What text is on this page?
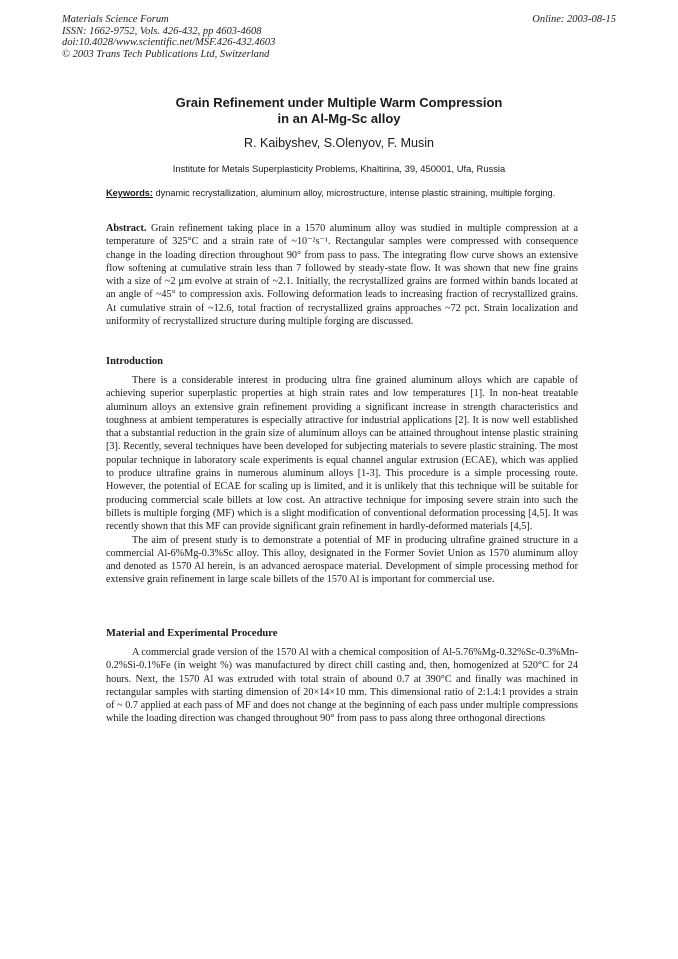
Materials Science Forum
ISSN: 1662-9752, Vols. 426-432, pp 4603-4608
doi:10.4028/www.scientific.net/MSF.426-432.4603
© 2003 Trans Tech Publications Ltd, Switzerland
Online: 2003-08-15
Grain Refinement under Multiple Warm Compression
in an Al-Mg-Sc alloy
R. Kaibyshev, S.Olenyov, F. Musin
Institute for Metals Superplasticity Problems, Khaltirina, 39, 450001, Ufa, Russia
Keywords: dynamic recrystallization, aluminum alloy, microstructure, intense plastic straining, multiple forging.

Abstract. Grain refinement taking place in a 1570 aluminum alloy was studied in multiple compression at a temperature of 325°C and a strain rate of ~10⁻²s⁻¹. Rectangular samples were compressed with consequence change in the loading direction throughout 90° from pass to pass. The integrating flow curve shows an extensive flow softening at cumulative strain less than 7 followed by steady-state flow. It was shown that new fine grains with a size of ~2 μm evolve at strain of ~2.1. Initially, the recrystallized grains are formed within bands located at an angle of ~45° to compression axis. Following deformation leads to increasing fraction of recrystallized grains. At cumulative strain of ~12.6, total fraction of recrystallized grains approaches ~72 pct. Strain localization and uniformity of recrystallized structure during multiple forging are discussed.

Introduction

There is a considerable interest in producing ultra fine grained aluminum alloys which are capable of achieving superior superplastic properties at high strain rates and low temperatures [1]. In non-heat treatable aluminum alloys an extensive grain refinement providing a significant increase in strength characteristics and toughness at ambient temperatures is especially attractive for industrial applications [2]. It is now well established that a substantial reduction in the grain size of aluminum alloys can be attained throughout intense plastic straining [3]. Recently, several techniques have been developed for subjecting materials to severe plastic straining. The most popular technique in laboratory scale experiments is equal channel angular extrusion (ECAE), which was applied to produce ultrafine grains in numerous aluminum alloys [1-3]. This procedure is a simple processing route. However, the potential of ECAE for scaling up is limited, and it is unlikely that this technique will be suitable for producing commercial scale billets at low cost. An attractive technique for imposing severe strain into such the billets is multiple forging (MF) which is a slight modification of conventional deformation processing [4,5]. It was recently shown that this MF can provide significant grain refinement in hardly-deformed materials [4,5].

The aim of present study is to demonstrate a potential of MF in producing ultrafine grained structure in a commercial Al-6%Mg-0.3%Sc alloy. This alloy, designated in the Former Soviet Union as 1570 aluminum alloy and denoted as 1570 Al herein, is an advanced aerospace material. Development of simple processing method for extensive grain refinement in large scale billets of the 1570 Al is important for commercial use.

Material and Experimental Procedure

A commercial grade version of the 1570 Al with a chemical composition of Al-5.76%Mg-0.32%Sc-0.3%Mn-0.2%Si-0.1%Fe (in weight %) was manufactured by direct chill casting and, then, homogenized at 520°C for 24 hours. Next, the 1570 Al was extruded with total strain of abound 0.7 at 390°C and finally was machined in rectangular samples with starting dimension of 20×14×10 mm. This dimensional ratio of 2:1.4:1 provides a strain of ~ 0.7 applied at each pass of MF and does not change at the beginning of each pass under multiple compressions while the loading direction was changed throughout 90° from pass to pass along three orthogonal directions
